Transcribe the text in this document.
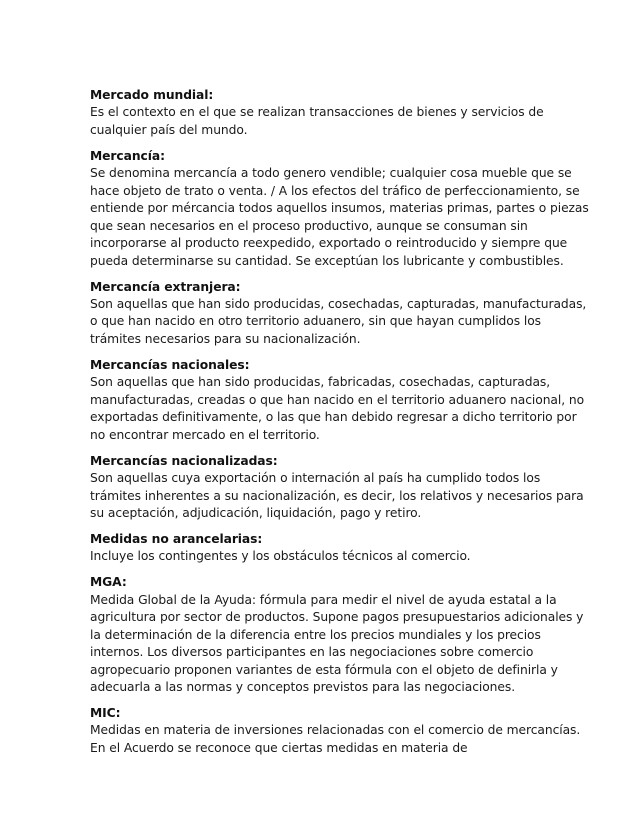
Mercado mundial:
Es el contexto en el que se realizan transacciones de bienes y servicios de cualquier país del mundo.
Mercancía:
Se denomina mercancía a todo genero vendible; cualquier cosa mueble que se hace objeto de trato o venta. / A los efectos del tráfico de perfeccionamiento, se entiende por mércancia todos aquellos insumos, materias primas, partes o piezas que sean necesarios en el proceso productivo, aunque se consuman sin incorporarse al producto reexpedido, exportado o reintroducido y siempre que pueda determinarse su cantidad. Se exceptúan los lubricante y combustibles.
Mercancía extranjera:
Son aquellas que han sido producidas, cosechadas, capturadas, manufacturadas, o que han nacido en otro territorio aduanero, sin que hayan cumplidos los trámites necesarios para su nacionalización.
Mercancías nacionales:
Son aquellas que han sido producidas, fabricadas, cosechadas, capturadas, manufacturadas, creadas o que han nacido en el territorio aduanero nacional, no exportadas definitivamente, o las que han debido regresar a dicho territorio por no encontrar mercado en el territorio.
Mercancías nacionalizadas:
Son aquellas cuya exportación o internación al país ha cumplido todos los trámites inherentes a su nacionalización, es decir, los relativos y necesarios para su aceptación, adjudicación, liquidación, pago y retiro.
Medidas no arancelarias:
Incluye los contingentes y los obstáculos técnicos al comercio.
MGA:
Medida Global de la Ayuda: fórmula para medir el nivel de ayuda estatal a la agricultura por sector de productos. Supone pagos presupuestarios adicionales y la determinación de la diferencia entre los precios mundiales y los precios internos. Los diversos participantes en las negociaciones sobre comercio agropecuario proponen variantes de esta fórmula con el objeto de definirla y adecuarla a las normas y conceptos previstos para las negociaciones.
MIC:
Medidas en materia de inversiones relacionadas con el comercio de mercancías. En el Acuerdo se reconoce que ciertas medidas en materia de
